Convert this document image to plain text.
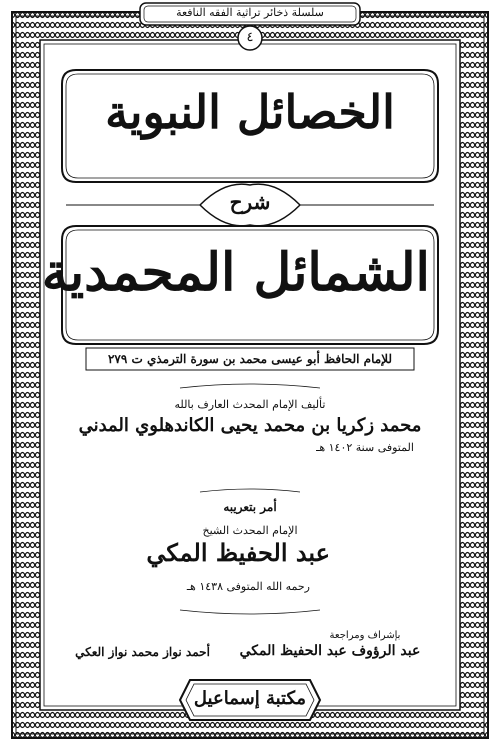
سلسلة ذخائر تراثية الفقه النافعة
٤
الخصائل النبوية
شرح
الشمائل المحمدية
للإمام الحافظ أبو عيسى محمد بن سورة الترمذي ت ٢٧٩
تأليف الإمام المحدث العارف بالله
محمد زكريا بن محمد يحيى الكاندهلوي المدني
المتوفى سنة ١٤٠٢ هـ
أمر بتعريبه
الإمام المحدث الشيخ
عبد الحفيظ المكي
رحمه الله المتوفى ١٤٣٨ هـ
بإشراف ومراجعة
عبد الرؤوف عبد الحفيظ المكي
أحمد نواز محمد نواز العكي
مكتبة إسماعيل
